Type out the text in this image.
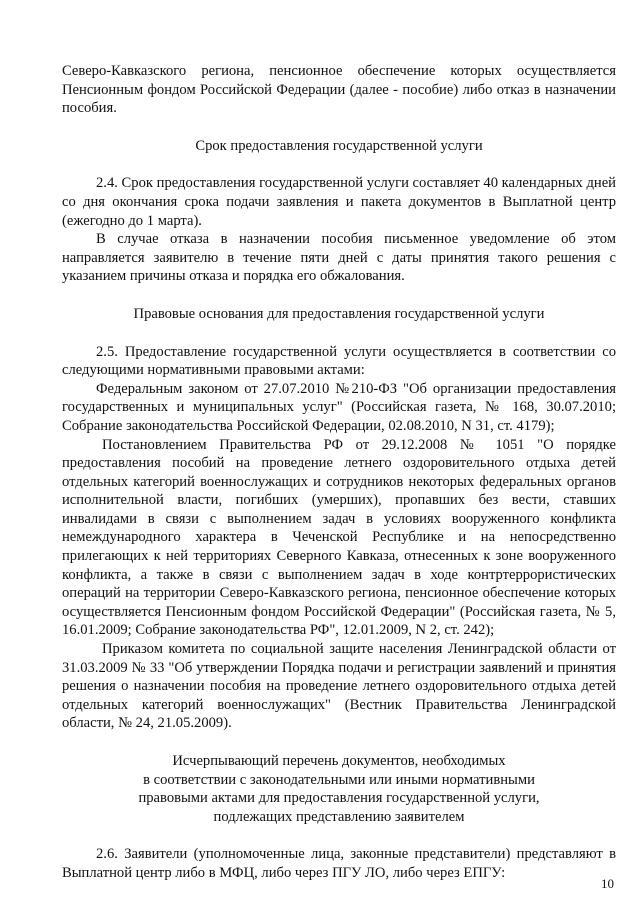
Северо-Кавказского региона, пенсионное обеспечение которых осуществляется Пенсионным фондом Российской Федерации (далее - пособие) либо отказ в назначении пособия.

Срок предоставления государственной услуги

2.4. Срок предоставления государственной услуги составляет 40 календарных дней со дня окончания срока подачи заявления и пакета документов в Выплатной центр (ежегодно до 1 марта).

В случае отказа в назначении пособия письменное уведомление об этом направляется заявителю в течение пяти дней с даты принятия такого решения с указанием причины отказа и порядка его обжалования.

Правовые основания для предоставления государственной услуги

2.5. Предоставление государственной услуги осуществляется в соответствии со следующими нормативными правовыми актами:

Федеральным законом от 27.07.2010 №210-ФЗ "Об организации предоставления государственных и муниципальных услуг" (Российская газета, № 168, 30.07.2010; Собрание законодательства Российской Федерации, 02.08.2010, N 31, ст. 4179);

Постановлением Правительства РФ от 29.12.2008 № 1051 "О порядке предоставления пособий на проведение летнего оздоровительного отдыха детей отдельных категорий военнослужащих и сотрудников некоторых федеральных органов исполнительной власти, погибших (умерших), пропавших без вести, ставших инвалидами в связи с выполнением задач в условиях вооруженного конфликта немеждународного характера в Чеченской Республике и на непосредственно прилегающих к ней территориях Северного Кавказа, отнесенных к зоне вооруженного конфликта, а также в связи с выполнением задач в ходе контртеррористических операций на территории Северо-Кавказского региона, пенсионное обеспечение которых осуществляется Пенсионным фондом Российской Федерации" (Российская газета, № 5, 16.01.2009; Собрание законодательства РФ", 12.01.2009, N 2, ст. 242);

Приказом комитета по социальной защите населения Ленинградской области от 31.03.2009 № 33 "Об утверждении Порядка подачи и регистрации заявлений и принятия решения о назначении пособия на проведение летнего оздоровительного отдыха детей отдельных категорий военнослужащих" (Вестник Правительства Ленинградской области, № 24, 21.05.2009).

Исчерпывающий перечень документов, необходимых

в соответствии с законодательными или иными нормативными

правовыми актами для предоставления государственной услуги,

подлежащих представлению заявителем

2.6. Заявители (уполномоченные лица, законные представители) представляют в Выплатной центр либо в МФЦ, либо через ПГУ ЛО, либо через ЕПГУ:

10
